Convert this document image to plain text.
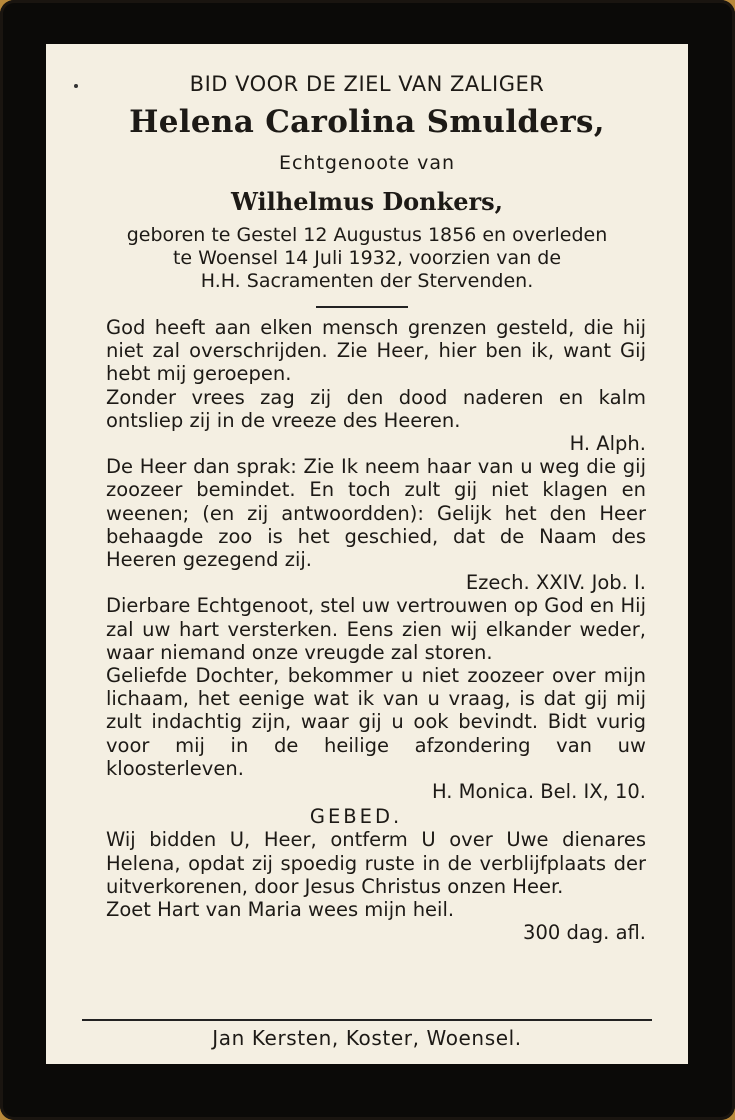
BID VOOR DE ZIEL VAN ZALIGER
Helena Carolina Smulders,
Echtgenoote van
Wilhelmus Donkers,
geboren te Gestel 12 Augustus 1856 en overleden
te Woensel 14 Juli 1932, voorzien van de
H.H. Sacramenten der Stervenden.

God heeft aan elken mensch grenzen gesteld, die hij niet zal overschrijden. Zie Heer, hier ben ik, want Gij hebt mij geroepen.

Zonder vrees zag zij den dood naderen en kalm ontsliep zij in de vreeze des Heeren.

H. Alph.

De Heer dan sprak: Zie Ik neem haar van u weg die gij zoozeer bemindet. En toch zult gij niet klagen en weenen; (en zij antwoordden): Gelijk het den Heer behaagde zoo is het geschied, dat de Naam des Heeren gezegend zij.

Ezech. XXIV. Job. I.

Dierbare Echtgenoot, stel uw vertrouwen op God en Hij zal uw hart versterken. Eens zien wij elkander weder, waar niemand onze vreugde zal storen.

Geliefde Dochter, bekommer u niet zoozeer over mijn lichaam, het eenige wat ik van u vraag, is dat gij mij zult indachtig zijn, waar gij u ook bevindt. Bidt vurig voor mij in de heilige afzondering van uw kloosterleven.

H. Monica. Bel. IX, 10.
GEBED.

Wij bidden U, Heer, ontferm U over Uwe dienares Helena, opdat zij spoedig ruste in de verblijfplaats der uitverkorenen, door Jesus Christus onzen Heer.

Zoet Hart van Maria wees mijn heil.

300 dag. afl.
Jan Kersten, Koster, Woensel.
